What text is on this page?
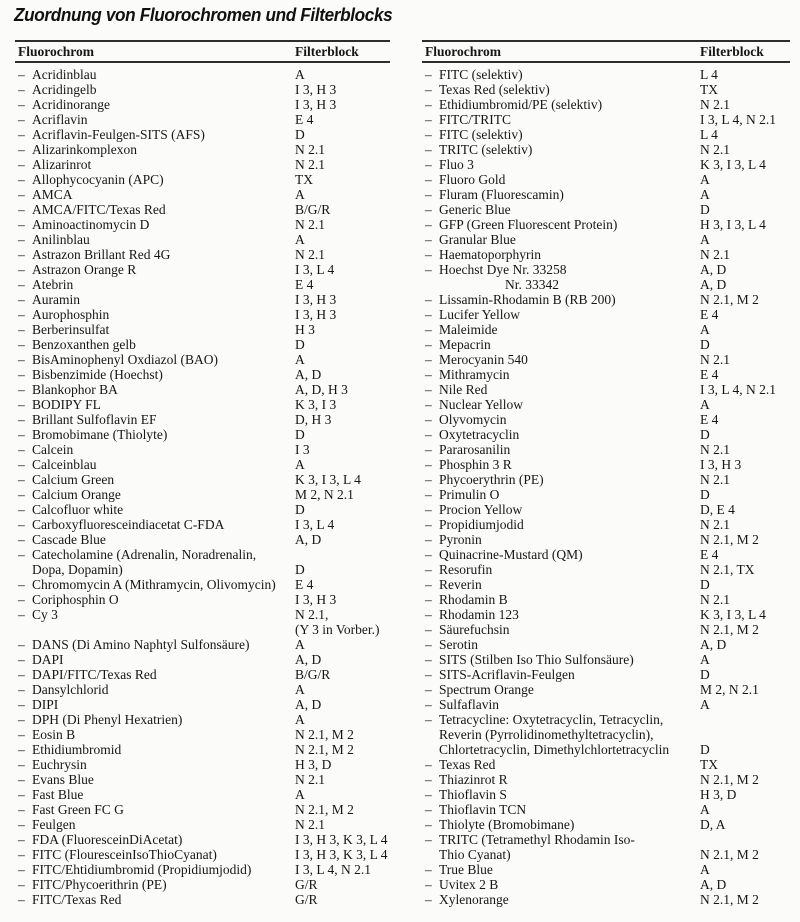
Zuordnung von Fluorochromen und Filterblocks
Fluorochrom	Filterblock
– Acridinblau	A
– Acridingelb	I 3, H 3
– Acridinorange	I 3, H 3
– Acriflavin	E 4
– Acriflavin-Feulgen-SITS (AFS)	D
– Alizarinkomplexon	N 2.1
– Alizarinrot	N 2.1
– Allophycocyanin (APC)	TX
– AMCA	A
– AMCA/FITC/Texas Red	B/G/R
– Aminoactinomycin D	N 2.1
– Anilinblau	A
– Astrazon Brillant Red 4G	N 2.1
– Astrazon Orange R	I 3, L 4
– Atebrin	E 4
– Auramin	I 3, H 3
– Aurophosphin	I 3, H 3
– Berberinsulfat	H 3
– Benzoxanthen gelb	D
– BisAminophenyl Oxdiazol (BAO)	A
– Bisbenzimide (Hoechst)	A, D
– Blankophor BA	A, D, H 3
– BODIPY FL	K 3, I 3
– Brillant Sulfoflavin EF	D, H 3
– Bromobimane (Thiolyte)	D
– Calcein	I 3
– Calceinblau	A
– Calcium Green	K 3, I 3, L 4
– Calcium Orange	M 2, N 2.1
– Calcofluor white	D
– Carboxyfluoresceindiacetat C-FDA	I 3, L 4
– Cascade Blue	A, D
– Catecholamine (Adrenalin, Noradrenalin,
Dopa, Dopamin)	D
– Chromomycin A (Mithramycin, Olivomycin)	E 4
– Coriphosphin O	I 3, H 3
– Cy 3	N 2.1,
(Y 3 in Vorber.)
– DANS (Di Amino Naphtyl Sulfonsäure)	A
– DAPI	A, D
– DAPI/FITC/Texas Red	B/G/R
– Dansylchlorid	A
– DIPI	A, D
– DPH (Di Phenyl Hexatrien)	A
– Eosin B	N 2.1, M 2
– Ethidiumbromid	N 2.1, M 2
– Euchrysin	H 3, D
– Evans Blue	N 2.1
– Fast Blue	A
– Fast Green FC G	N 2.1, M 2
– Feulgen	N 2.1
– FDA (FluoresceinDiAcetat)	I 3, H 3, K 3, L 4
– FITC (FlouresceinIsoThioCyanat)	I 3, H 3, K 3, L 4
– FITC/Ehtidiumbromid (Propidiumjodid)	I 3, L 4, N 2.1
– FITC/Phycoerithrin (PE)	G/R
– FITC/Texas Red	G/R
Fluorochrom	Filterblock
– FITC (selektiv)	L 4
– Texas Red (selektiv)	TX
– Ethidiumbromid/PE (selektiv)	N 2.1
– FITC/TRITC	I 3, L 4, N 2.1
– FITC (selektiv)	L 4
– TRITC (selektiv)	N 2.1
– Fluo 3	K 3, I 3, L 4
– Fluoro Gold	A
– Fluram (Fluorescamin)	A
– Generic Blue	D
– GFP (Green Fluorescent Protein)	H 3, I 3, L 4
– Granular Blue	A
– Haematoporphyrin	N 2.1
– Hoechst Dye Nr. 33258	A, D
Nr. 33342	A, D
– Lissamin-Rhodamin B (RB 200)	N 2.1, M 2
– Lucifer Yellow	E 4
– Maleimide	A
– Mepacrin	D
– Merocyanin 540	N 2.1
– Mithramycin	E 4
– Nile Red	I 3, L 4, N 2.1
– Nuclear Yellow	A
– Olyvomycin	E 4
– Oxytetracyclin	D
– Pararosanilin	N 2.1
– Phosphin 3 R	I 3, H 3
– Phycoerythrin (PE)	N 2.1
– Primulin O	D
– Procion Yellow	D, E 4
– Propidiumjodid	N 2.1
– Pyronin	N 2.1, M 2
– Quinacrine-Mustard (QM)	E 4
– Resorufin	N 2.1, TX
– Reverin	D
– Rhodamin B	N 2.1
– Rhodamin 123	K 3, I 3, L 4
– Säurefuchsin	N 2.1, M 2
– Serotin	A, D
– SITS (Stilben Iso Thio Sulfonsäure)	A
– SITS-Acriflavin-Feulgen	D
– Spectrum Orange	M 2, N 2.1
– Sulfaflavin	A
– Tetracycline: Oxytetracyclin, Tetracyclin,
Reverin (Pyrrolidinomethyltetracyclin),
Chlortetracyclin, Dimethylchlortetracyclin	D
– Texas Red	TX
– Thiazinrot R	N 2.1, M 2
– Thioflavin S	H 3, D
– Thioflavin TCN	A
– Thiolyte (Bromobimane)	D, A
– TRITC (Tetramethyl Rhodamin Iso-
Thio Cyanat)	N 2.1, M 2
– True Blue	A
– Uvitex 2 B	A, D
– Xylenorange	N 2.1, M 2
